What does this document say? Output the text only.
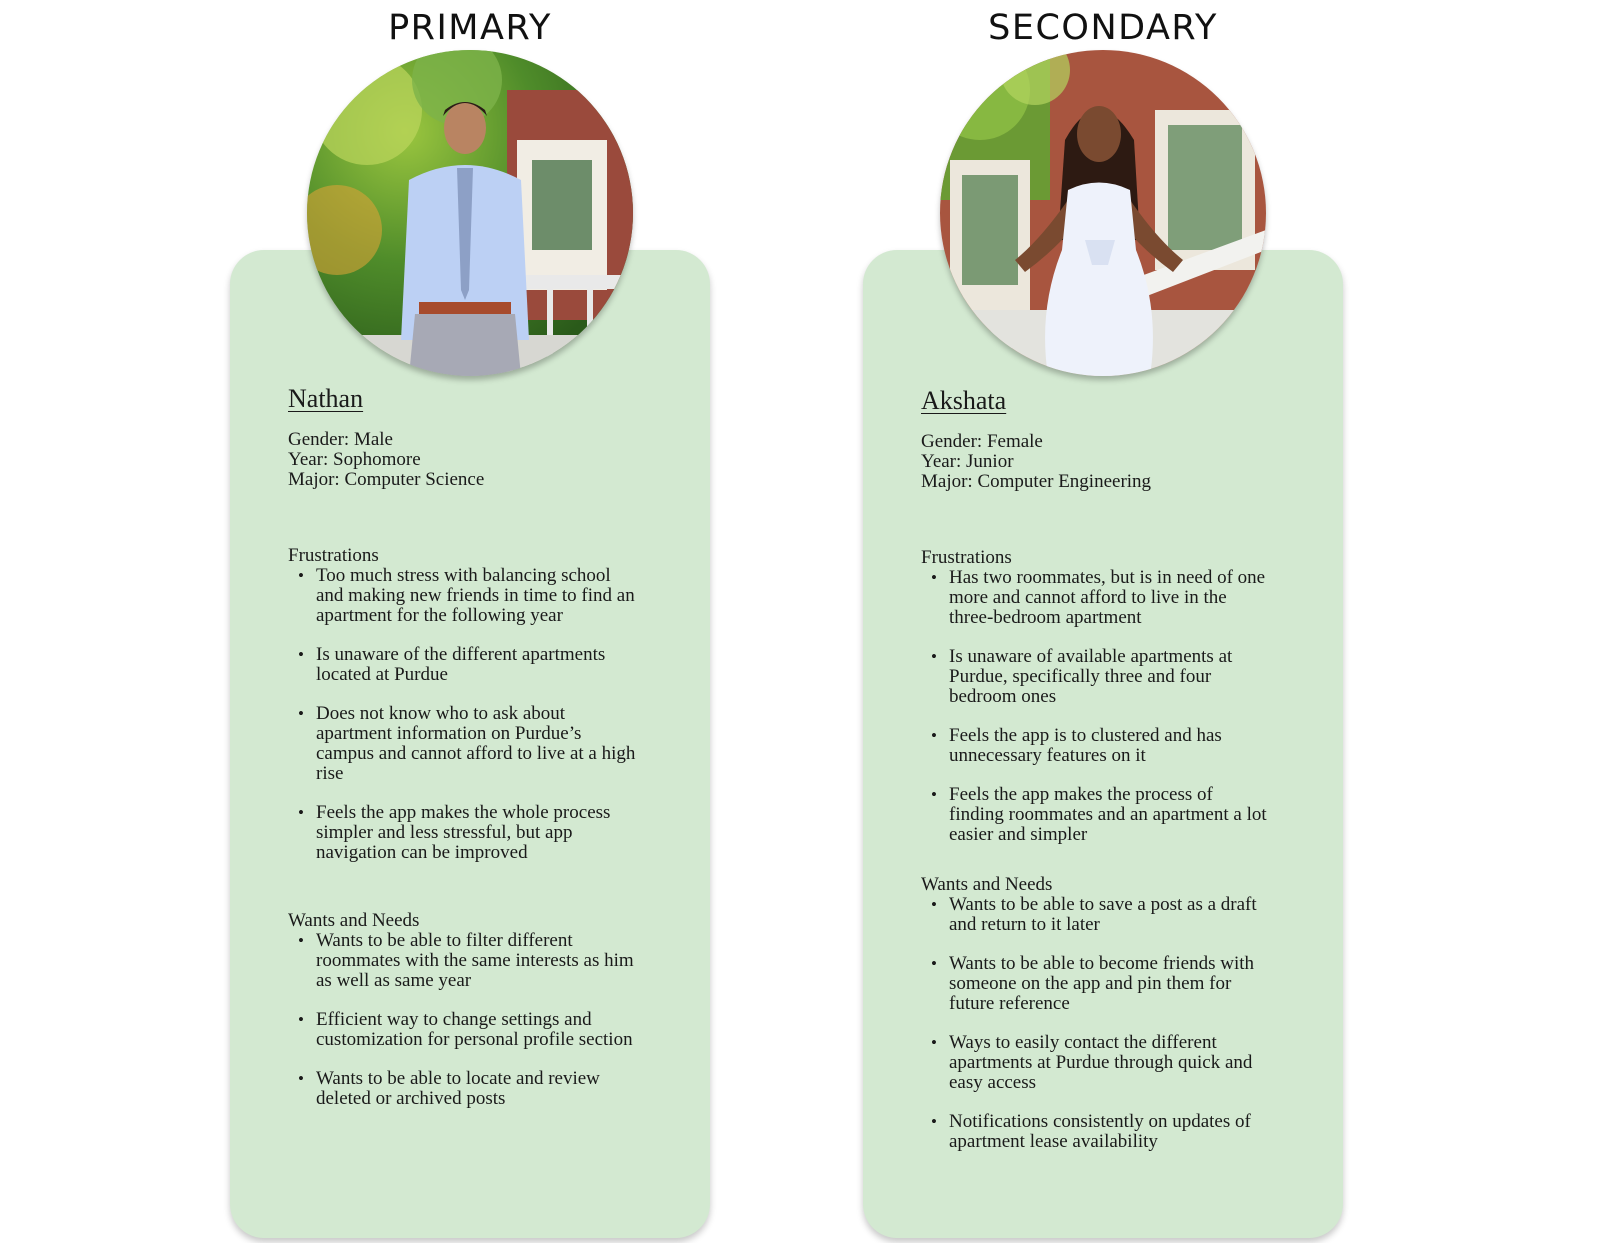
PRIMARY
Nathan
Gender: Male
Year: Sophomore
Major: Computer Science
Frustrations
• Too much stress with balancing school and making new friends in time to find an apartment for the following year
• Is unaware of the different apartments located at Purdue
• Does not know who to ask about apartment information on Purdue’s campus and cannot afford to live at a high rise
• Feels the app makes the whole process simpler and less stressful, but app navigation can be improved
Wants and Needs
• Wants to be able to filter different roommates with the same interests as him as well as same year
• Efficient way to change settings and customization for personal profile section
• Wants to be able to locate and review deleted or archived posts
SECONDARY
Akshata
Gender: Female
Year: Junior
Major: Computer Engineering
Frustrations
• Has two roommates, but is in need of one more and cannot afford to live in the three-bedroom apartment
• Is unaware of available apartments at Purdue, specifically three and four bedroom ones
• Feels the app is to clustered and has unnecessary features on it
• Feels the app makes the process of finding roommates and an apartment a lot easier and simpler
Wants and Needs
• Wants to be able to save a post as a draft and return to it later
• Wants to be able to become friends with someone on the app and pin them for future reference
• Ways to easily contact the different apartments at Purdue through quick and easy access
• Notifications consistently on updates of apartment lease availability
